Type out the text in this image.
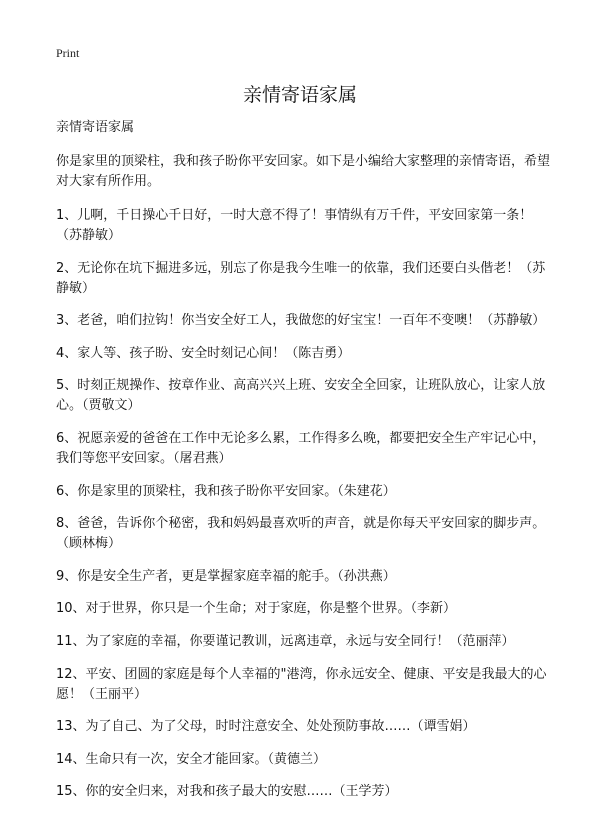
Print
亲情寄语家属

亲情寄语家属

你是家里的顶梁柱，我和孩子盼你平安回家。如下是小编给大家整理的亲情寄语，希望对大家有所作用。

1、儿啊，千日操心千日好，一时大意不得了！事情纵有万千件，平安回家第一条！（苏静敏）

2、无论你在坑下掘进多远，别忘了你是我今生唯一的依靠，我们还要白头偕老！（苏静敏）

3、老爸，咱们拉钩！你当安全好工人，我做您的好宝宝！一百年不变噢！（苏静敏）

4、家人等、孩子盼、安全时刻记心间！（陈吉勇）

5、时刻正规操作、按章作业、高高兴兴上班、安安全全回家，让班队放心，让家人放心。（贾敬文）

6、祝愿亲爱的爸爸在工作中无论多么累，工作得多么晚，都要把安全生产牢记心中，我们等您平安回家。（屠君燕）

6、你是家里的顶梁柱，我和孩子盼你平安回家。（朱建花）

8、爸爸，告诉你个秘密，我和妈妈最喜欢听的声音，就是你每天平安回家的脚步声。（顾林梅）

9、你是安全生产者，更是掌握家庭幸福的舵手。（孙洪燕）

10、对于世界，你只是一个生命；对于家庭，你是整个世界。（李新）

11、为了家庭的幸福，你要谨记教训，远离违章，永远与安全同行！（范丽萍）

12、平安、团圆的家庭是每个人幸福的"港湾，你永远安全、健康、平安是我最大的心愿！（王丽平）

13、为了自己、为了父母，时时注意安全、处处预防事故……（谭雪娟）

14、生命只有一次，安全才能回家。（黄德兰）

15、你的安全归来，对我和孩子最大的安慰……（王学芳）
